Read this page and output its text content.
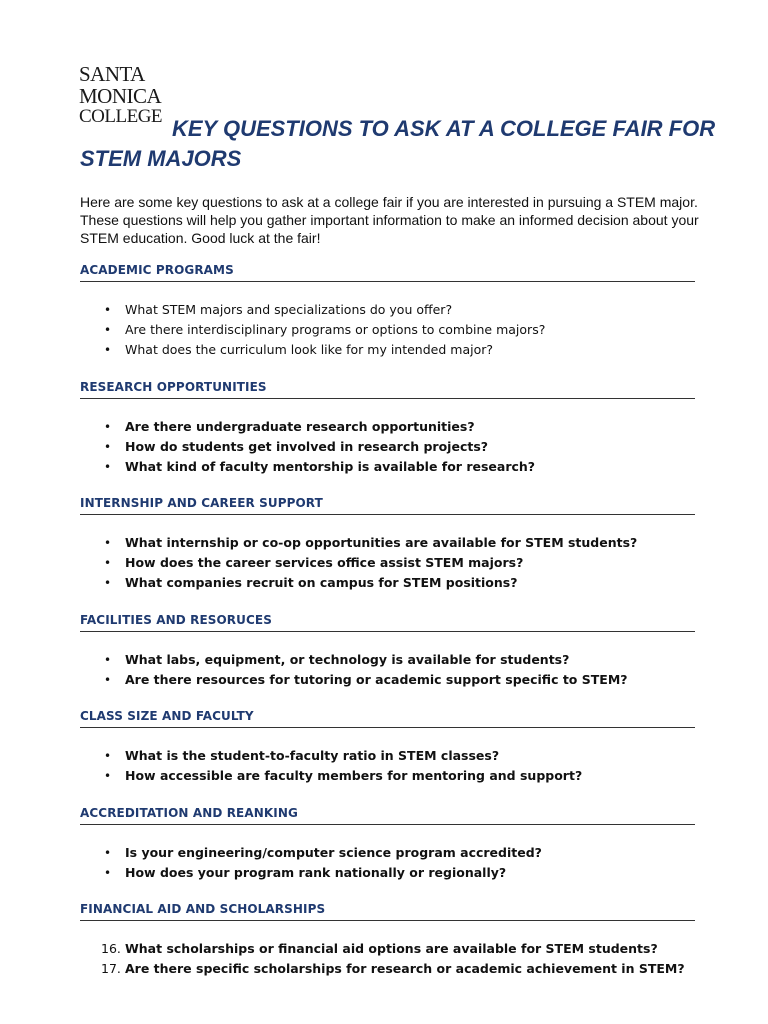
SANTA
MONICA
COLLEGE KEY QUESTIONS TO ASK AT A COLLEGE FAIR FOR
STEM MAJORS

Here are some key questions to ask at a college fair if you are interested in pursuing a STEM major. These questions will help you gather important information to make an informed decision about your STEM education. Good luck at the fair!

ACADEMIC PROGRAMS
• What STEM majors and specializations do you offer?
• Are there interdisciplinary programs or options to combine majors?
• What does the curriculum look like for my intended major?
RESEARCH OPPORTUNITIES
• Are there undergraduate research opportunities?
• How do students get involved in research projects?
• What kind of faculty mentorship is available for research?
INTERNSHIP AND CAREER SUPPORT
• What internship or co-op opportunities are available for STEM students?
• How does the career services office assist STEM majors?
• What companies recruit on campus for STEM positions?
FACILITIES AND RESORUCES
• What labs, equipment, or technology is available for students?
• Are there resources for tutoring or academic support specific to STEM?
CLASS SIZE AND FACULTY
• What is the student-to-faculty ratio in STEM classes?
• How accessible are faculty members for mentoring and support?
ACCREDITATION AND REANKING
• Is your engineering/computer science program accredited?
• How does your program rank nationally or regionally?
FINANCIAL AID AND SCHOLARSHIPS
16. What scholarships or financial aid options are available for STEM students?
17. Are there specific scholarships for research or academic achievement in STEM?
